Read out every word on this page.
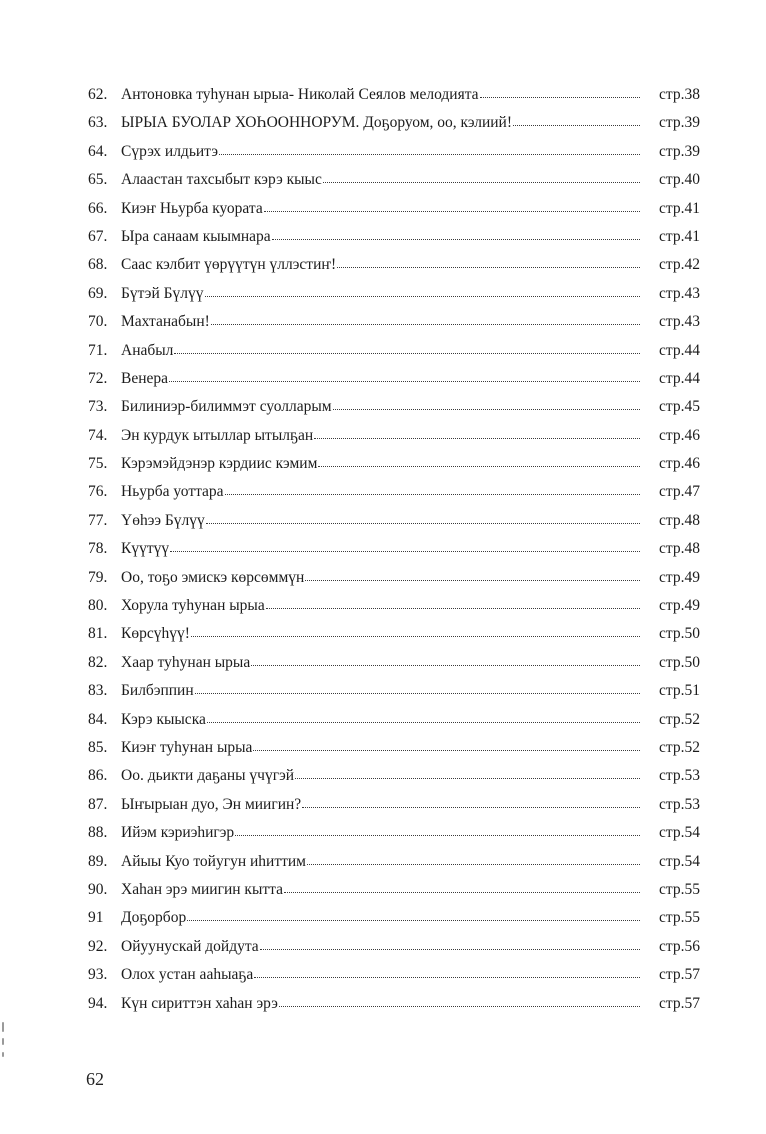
62. Антоновка туһунан ырыа- Николай Сеялов мелодията	стр.38
63. ЫРЫА БУОЛАР ХОҺООННОРУМ. Доҕоруом, оо, кэлиий!	стр.39
64. Сүрэх илдьитэ	стр.39
65. Алаастан тахсыбыт кэрэ кыыс	стр.40
66. Киэҥ Ньурба куората	стр.41
67. Ыра санаам кыымнара	стр.41
68. Саас кэлбит үөрүүтүн үллэстиҥ!	стр.42
69. Бүтэй Бүлүү	стр.43
70. Махтанабын!	стр.43
71. Анабыл	стр.44
72. Венера	стр.44
73. Билиниэр-билиммэт суолларым	стр.45
74. Эн курдук ытыллар ытылҕан	стр.46
75. Кэрэмэйдэнэр кэрдиис кэмим	стр.46
76. Ньурба уоттара	стр.47
77. Үөһээ Бүлүү	стр.48
78. Күүтүү	стр.48
79. Оо, тоҕо эмискэ көрсөммүн	стр.49
80. Хорула туһунан ырыа	стр.49
81. Көрсүһүү!	стр.50
82. Хаар туһунан ырыа	стр.50
83. Билбэппин	стр.51
84. Кэрэ кыыска	стр.52
85. Киэҥ туһунан ырыа	стр.52
86. Оо. дьикти даҕаны үчүгэй	стр.53
87. Ыҥырыан дуо, Эн миигин?	стр.53
88. Ийэм кэриэһигэр	стр.54
89. Айыы Куо тойугун иһиттим	стр.54
90. Хаһан эрэ миигин кытта	стр.55
91	Доҕорбор	стр.55
92. Ойуунускай дойдута	стр.56
93. Олох устан ааһыаҕа	стр.57
94. Күн сириттэн хаһан эрэ	стр.57
62
